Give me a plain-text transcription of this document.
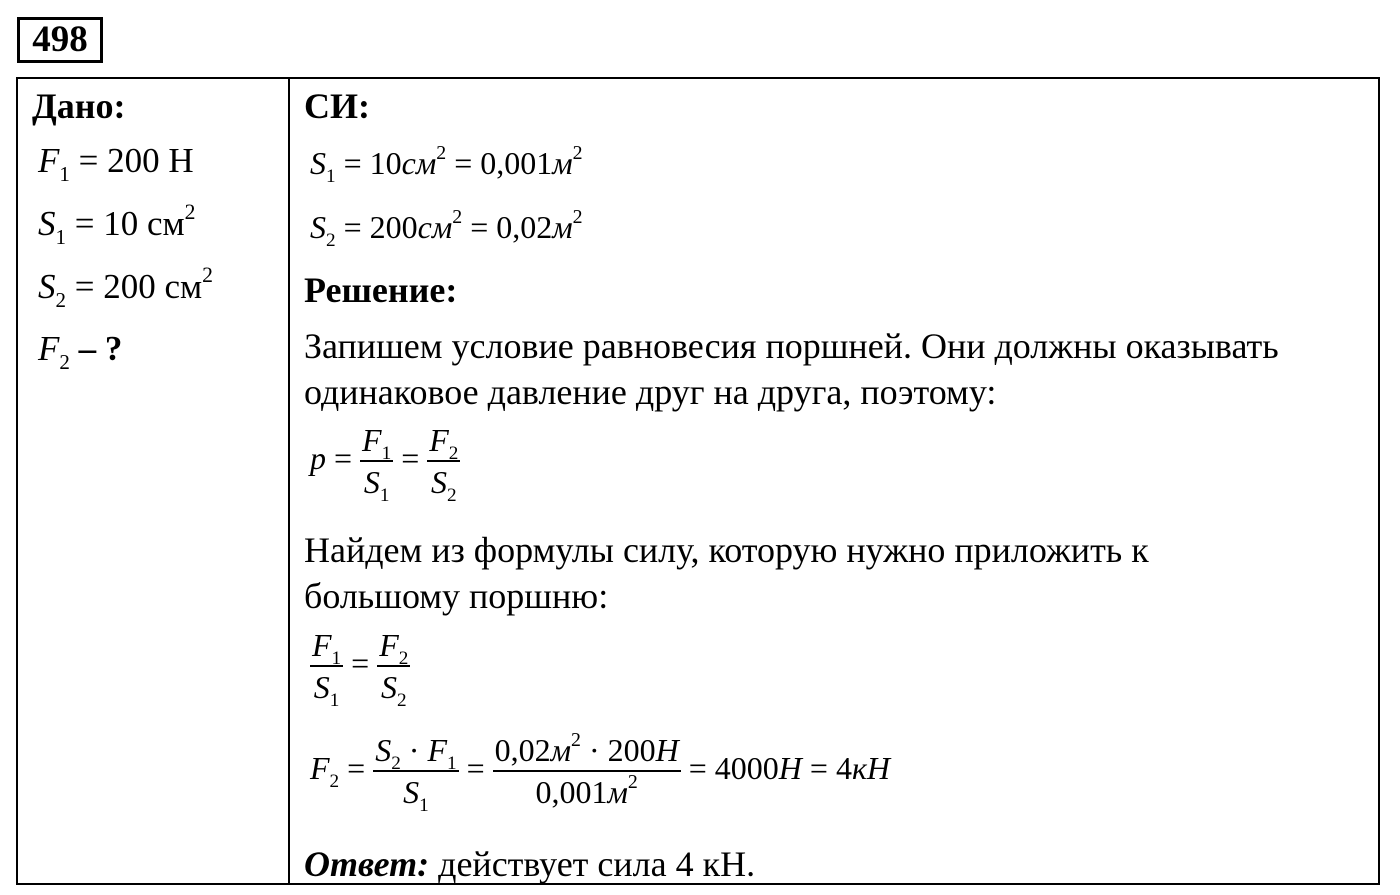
498
Дано:
$F_1 = 200$ Н
$S_1 = 10$ $см^2$
$S_2 = 200$ $см^2$
$F_2$ – ?
СИ:
$S_1 = 10см^2 = 0,001м^2$
$S_2 = 200см^2 = 0,02м^2$
Решение:
Запишем условие равновесия поршней. Они должны оказывать
одинаковое давление друг на друга, поэтому:
$p = \frac{F_1}{S_1} = \frac{F_2}{S_2}$
Найдем из формулы силу, которую нужно приложить к
большому поршню:
$\frac{F_1}{S_1} = \frac{F_2}{S_2}$
$F_2 = \frac{S_2 \cdot F_1}{S_1} = \frac{0,02м^2 \cdot 200Н}{0,001м^2} = 4000Н = 4кН$
Ответ: действует сила 4 кН.
